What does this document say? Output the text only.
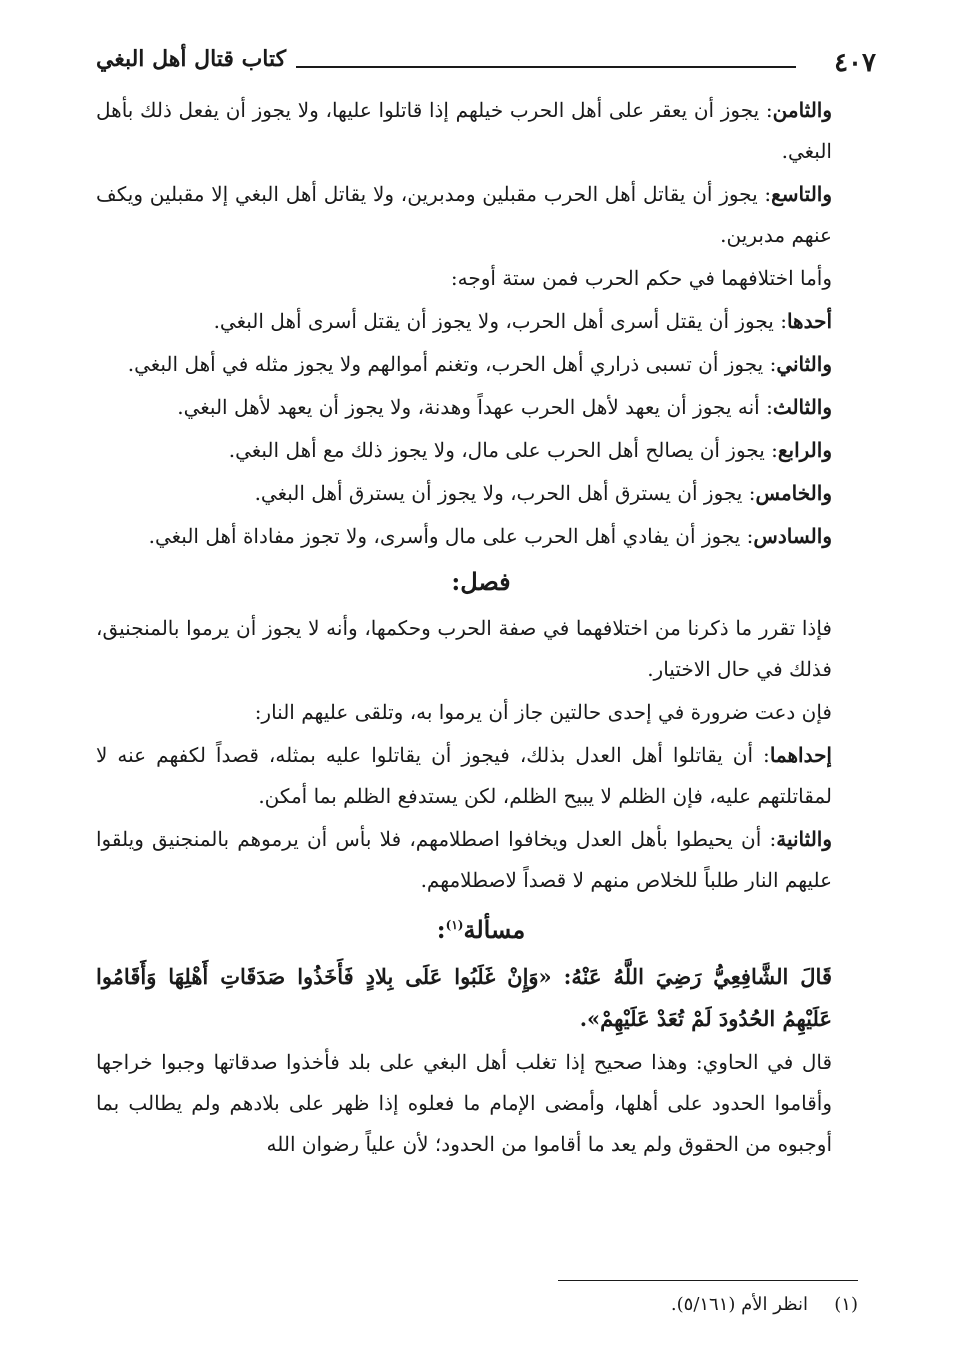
٤٠٧
كتاب قتال أهل البغي

والثامن: يجوز أن يعقر على أهل الحرب خيلهم إذا قاتلوا عليها، ولا يجوز أن يفعل ذلك بأهل البغي.

والتاسع: يجوز أن يقاتل أهل الحرب مقبلين ومدبرين، ولا يقاتل أهل البغي إلا مقبلين ويكف عنهم مدبرين.

وأما اختلافهما في حكم الحرب فمن ستة أوجه:

أحدها: يجوز أن يقتل أسرى أهل الحرب، ولا يجوز أن يقتل أسرى أهل البغي.

والثاني: يجوز أن تسبى ذراري أهل الحرب، وتغنم أموالهم ولا يجوز مثله في أهل البغي.

والثالث: أنه يجوز أن يعهد لأهل الحرب عهداً وهدنة، ولا يجوز أن يعهد لأهل البغي.

والرابع: يجوز أن يصالح أهل الحرب على مال، ولا يجوز ذلك مع أهل البغي.

والخامس: يجوز أن يسترق أهل الحرب، ولا يجوز أن يسترق أهل البغي.

والسادس: يجوز أن يفادي أهل الحرب على مال وأسرى، ولا تجوز مفاداة أهل البغي.

فصل:

فإذا تقرر ما ذكرنا من اختلافهما في صفة الحرب وحكمها، وأنه لا يجوز أن يرموا بالمنجنيق، فذلك في حال الاختيار.

فإن دعت ضرورة في إحدى حالتين جاز أن يرموا به، وتلقى عليهم النار:

إحداهما: أن يقاتلوا أهل العدل بذلك، فيجوز أن يقاتلوا عليه بمثله، قصداً لكفهم عنه لا لمقاتلتهم عليه، فإن الظلم لا يبيح الظلم، لكن يستدفع الظلم بما أمكن.

والثانية: أن يحيطوا بأهل العدل ويخافوا اصطلامهم، فلا بأس أن يرموهم بالمنجنيق ويلقوا عليهم النار طلباً للخلاص منهم لا قصداً لاصطلامهم.

مسألة$^{(١)}$:

قَالَ الشَّافِعِيُّ رَضِيَ اللَّهُ عَنْهُ: «وَإِنْ غَلَبُوا عَلَى بِلادٍ فَأَخَذُوا صَدَقَاتِ أَهْلِهَا وَأَقَامُوا عَلَيْهِمُ الحُدُودَ لَمْ تُعَدْ عَلَيْهِمْ».

قال في الحاوي: وهذا صحيح إذا تغلب أهل البغي على بلد فأخذوا صدقاتها وجبوا خراجها وأقاموا الحدود على أهلها، وأمضى الإمام ما فعلوه إذا ظهر على بلادهم ولم يطالب بما أوجبوه من الحقوق ولم يعد ما أقاموا من الحدود؛ لأن علياً رضوان الله

(١)انظر الأم (٥/١٦١).
